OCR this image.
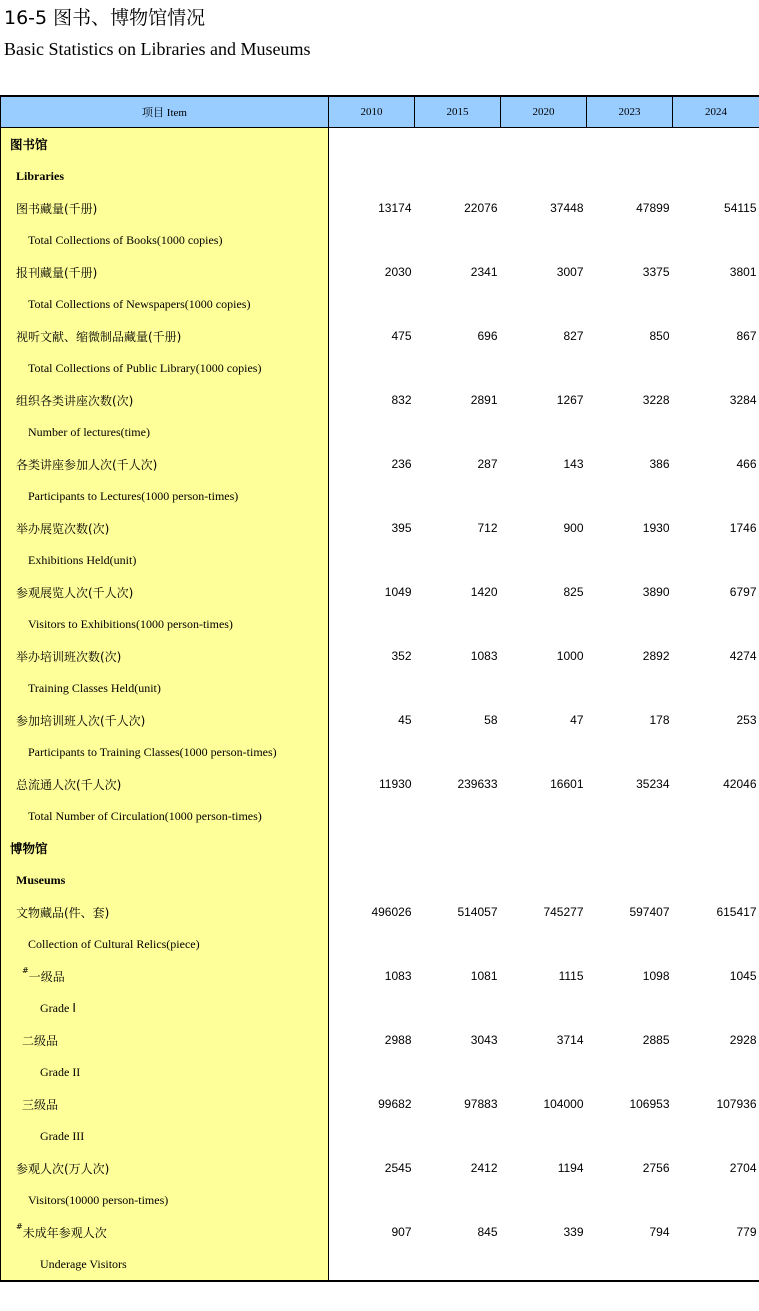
16-5 图书、博物馆情况
Basic Statistics on Libraries and Museums
项目 Item	2010	2015	2020	2023	2024
图书馆					
Libraries					
图书藏量(千册)	13174	22076	37448	47899	54115
Total Collections of Books(1000 copies)					
报刊藏量(千册)	2030	2341	3007	3375	3801
Total Collections of Newspapers(1000 copies)					
视听文献、缩微制品藏量(千册)	475	696	827	850	867
Total Collections of Public Library(1000 copies)					
组织各类讲座次数(次)	832	2891	1267	3228	3284
Number of lectures(time)					
各类讲座参加人次(千人次)	236	287	143	386	466
Participants to Lectures(1000 person-times)					
举办展览次数(次)	395	712	900	1930	1746
Exhibitions Held(unit)					
参观展览人次(千人次)	1049	1420	825	3890	6797
Visitors to Exhibitions(1000 person-times)					
举办培训班次数(次)	352	1083	1000	2892	4274
Training Classes Held(unit)					
参加培训班人次(千人次)	45	58	47	178	253
Participants to Training Classes(1000 person-times)					
总流通人次(千人次)	11930	239633	16601	35234	42046
Total Number of Circulation(1000 person-times)					
博物馆					
Museums					
文物藏品(件、套)	496026	514057	745277	597407	615417
Collection of Cultural Relics(piece)					
#一级品	1083	1081	1115	1098	1045
Grade Ⅰ					
二级品	2988	3043	3714	2885	2928
Grade II					
三级品	99682	97883	104000	106953	107936
Grade III					
参观人次(万人次)	2545	2412	1194	2756	2704
Visitors(10000 person-times)					
#未成年参观人次	907	845	339	794	779
Underage Visitors					
